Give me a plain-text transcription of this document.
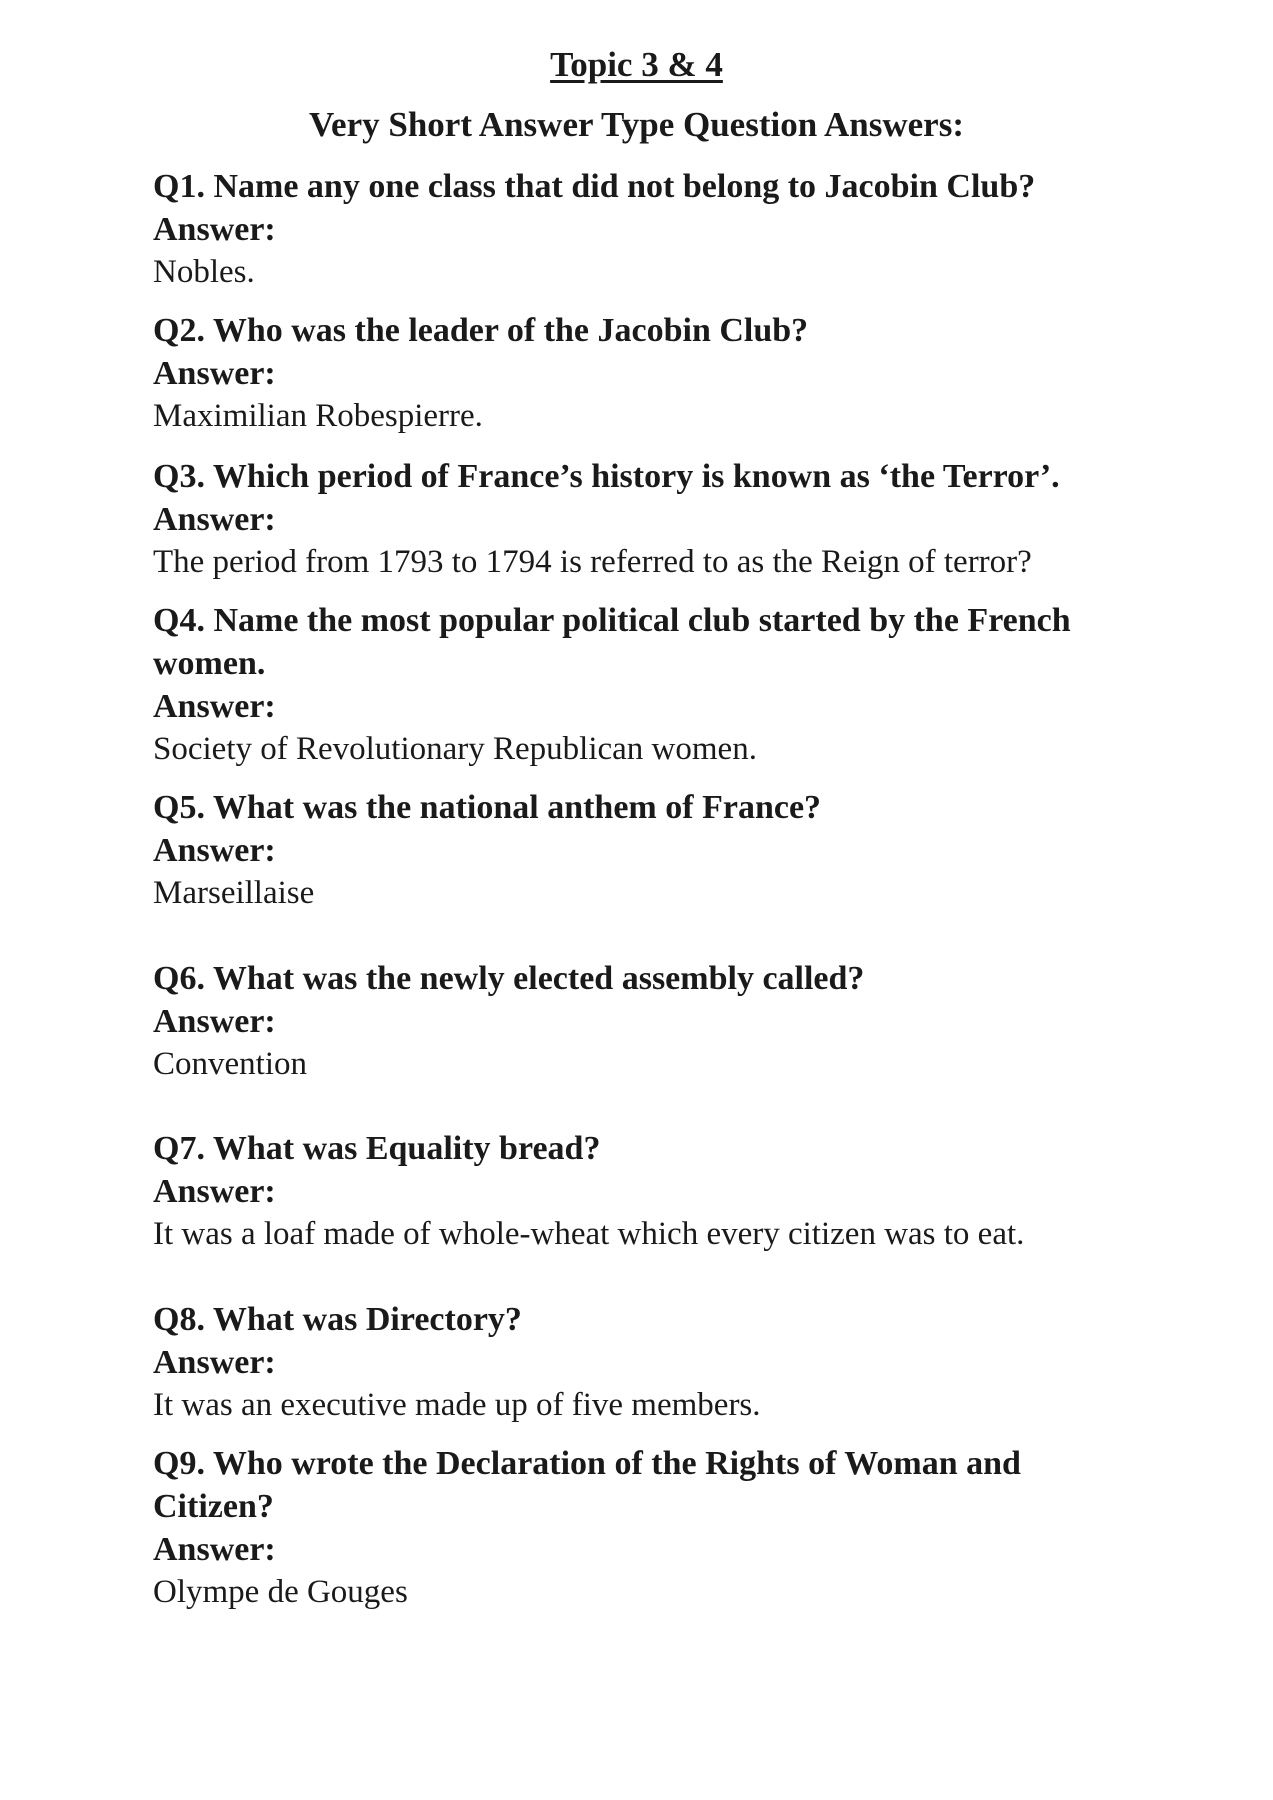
Topic 3 & 4
Very Short Answer Type Question Answers:

Q1. Name any one class that did not belong to Jacobin Club?

Answer:

Nobles.

Q2. Who was the leader of the Jacobin Club?

Answer:

Maximilian Robespierre.

Q3. Which period of France’s history is known as ‘the Terror’.

Answer:

The period from 1793 to 1794 is referred to as the Reign of terror?

Q4. Name the most popular political club started by the French women.

Answer:

Society of Revolutionary Republican women.

Q5. What was the national anthem of France?

Answer:

Marseillaise

Q6. What was the newly elected assembly called?

Answer:

Convention

Q7. What was Equality bread?

Answer:

It was a loaf made of whole-wheat which every citizen was to eat.

Q8. What was Directory?

Answer:

It was an executive made up of five members.

Q9. Who wrote the Declaration of the Rights of Woman and Citizen?

Answer:

Olympe de Gouges
